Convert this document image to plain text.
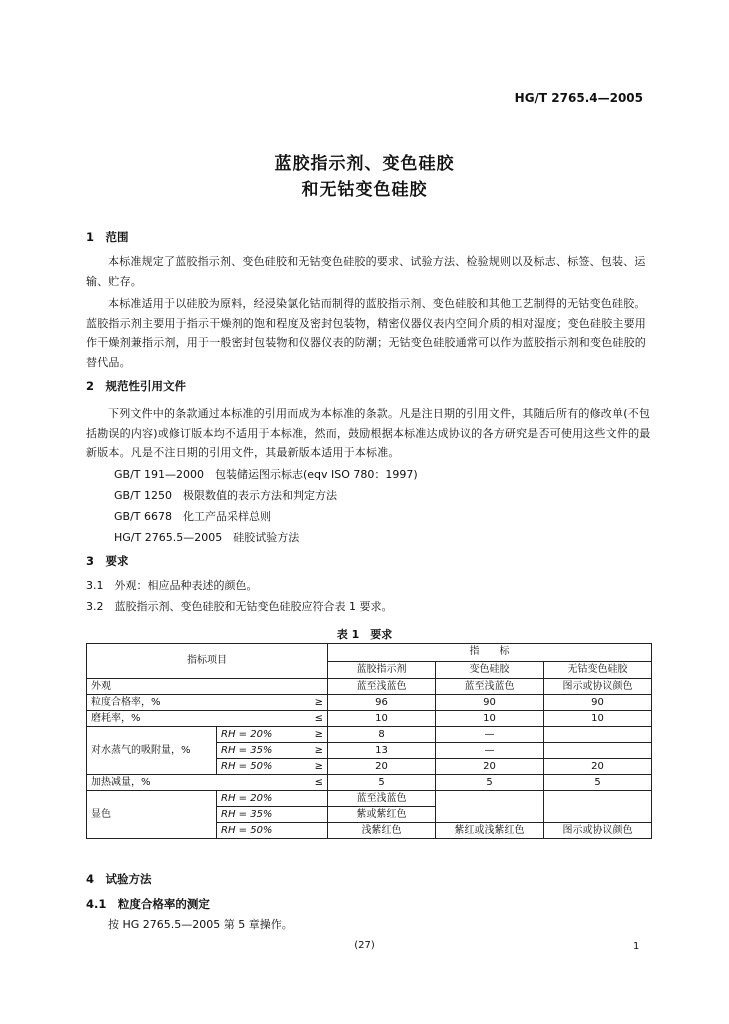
HG/T 2765.4—2005
蓝胶指示剂、变色硅胶
和无钴变色硅胶
1　范围
本标准规定了蓝胶指示剂、变色硅胶和无钴变色硅胶的要求、试验方法、检验规则以及标志、标签、包装、运输、贮存。
本标准适用于以硅胶为原料，经浸染氯化钴而制得的蓝胶指示剂、变色硅胶和其他工艺制得的无钴变色硅胶。蓝胶指示剂主要用于指示干燥剂的饱和程度及密封包装物，精密仪器仪表内空间介质的相对湿度；变色硅胶主要用作干燥剂兼指示剂，用于一般密封包装物和仪器仪表的防潮；无钴变色硅胶通常可以作为蓝胶指示剂和变色硅胶的替代品。
2　规范性引用文件
下列文件中的条款通过本标准的引用而成为本标准的条款。凡是注日期的引用文件，其随后所有的修改单(不包括勘误的内容)或修订版本均不适用于本标准，然而，鼓励根据本标准达成协议的各方研究是否可使用这些文件的最新版本。凡是不注日期的引用文件，其最新版本适用于本标准。
GB/T 191—2000　包装储运图示标志(eqv ISO 780：1997)
GB/T 1250　极限数值的表示方法和判定方法
GB/T 6678　化工产品采样总则
HG/T 2765.5—2005　硅胶试验方法
3　要求
3.1　外观：相应品种表述的颜色。
3.2　蓝胶指示剂、变色硅胶和无钴变色硅胶应符合表 1 要求。
表 1　要求
指标项目			指　　标		
			蓝胶指示剂	变色硅胶	无钴变色硅胶
外观			蓝至浅蓝色	蓝至浅蓝色	图示或协议颜色
粒度合格率，%		≥	96	90	90
磨耗率，%		≤	10	10	10
对水蒸气的吸附量，%	RH = 20%	≥	8	—	
	RH = 35%	≥	13	—	
	RH = 50%	≥	20	20	20
加热减量，%		≤	5	5	5
显色	RH = 20%		蓝至浅蓝色		
	RH = 35%		紫或紫红色		
	RH = 50%		浅紫红色	紫红或浅紫红色	图示或协议颜色
4　试验方法
4.1　粒度合格率的测定
按 HG 2765.5—2005 第 5 章操作。
(27)	1
